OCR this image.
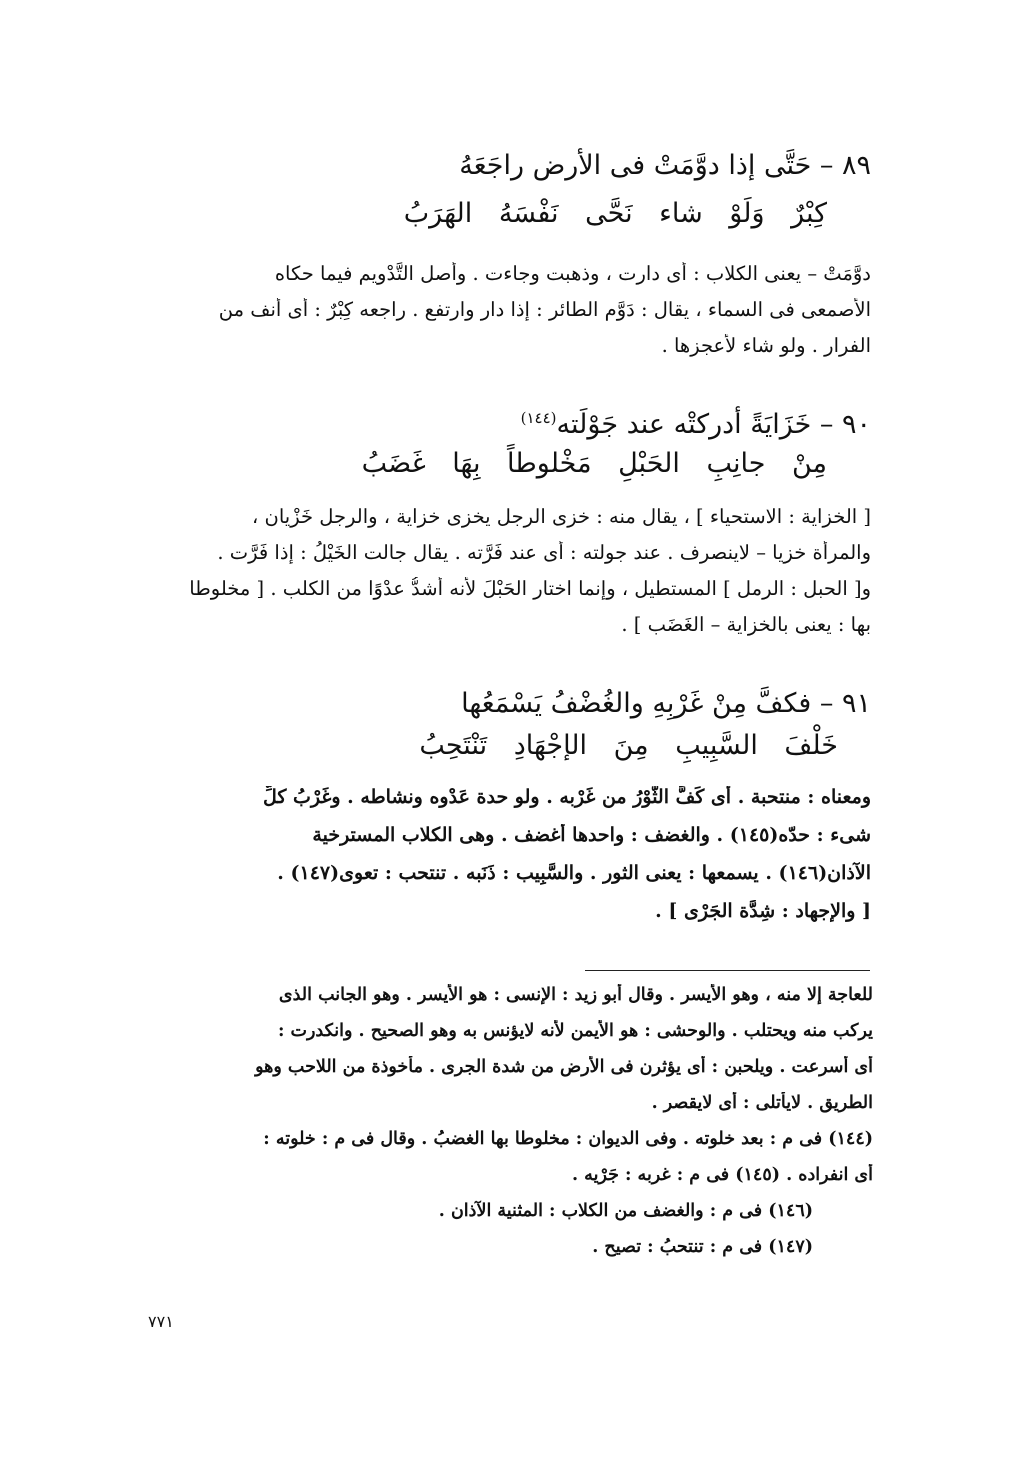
٨٩ – حَتَّى إذا دوَّمَتْ فى الأرض راجَعَهُ
كِبْرٌ وَلَوْ شاء نَحَّى نَفْسَهُ الهَرَبُ
دوَّمَتْ – يعنى الكلاب : أى دارت ، وذهبت وجاءت . وأصل التَّدْويم فيما حكاه
الأصمعى فى السماء ، يقال : دَوَّم الطائر : إذا دار وارتفع . راجعه كِبْرٌ : أى أنف من
الفرار . ولو شاء لأعجزها .
٩٠ – خَزَايَةً أدركتْه عند جَوْلَته$^{(١٤٤)}$
مِنْ جانِبِ الحَبْلِ مَخْلوطاً بِهَا غَضَبُ
[ الخزاية : الاستحياء ] ، يقال منه : خزى الرجل يخزى خزاية ، والرجل خَزْيان ،
والمرأة خزيا – لاينصرف . عند جولته : أى عند فَرَّته . يقال جالت الخَيْلُ : إذا فَرَّت .
و[ الحبل : الرمل ] المستطيل ، وإنما اختار الحَبْلَ لأنه أشدُّ عدْوًا من الكلب . [ مخلوطا
بها : يعنى بالخزاية – الغَضَب ] .
٩١ – فكفَّ مِنْ غَرْبِهِ والغُضْفُ يَسْمَعُها
خَلْفَ السَّبِيبِ مِنَ الإجْهَادِ تَنْتَحِبُ
ومعناه : منتحبة . أى كَفَّ الثَّوْرُ من غَرْبه . ولو حدة عَدْوه ونشاطه . وغَرْبُ كلِّ
شىء : حدّه(١٤٥) . والغضف : واحدها أغضف . وهى الكلاب المسترخية
الآذان(١٤٦) . يسمعها : يعنى الثور . والسَّبِيب : ذَنَبه . تنتحب : تعوى(١٤٧) .
[ والإجهاد : شِدَّة الجَرْى ] .
للعاجة إلا منه ، وهو الأيسر . وقال أبو زيد : الإنسى : هو الأيسر . وهو الجانب الذى
يركب منه ويحتلب . والوحشى : هو الأيمن لأنه لايؤنس به وهو الصحيح . وانكدرت :
أى أسرعت . ويلحبن : أى يؤثرن فى الأرض من شدة الجرى . مأخوذة من اللاحب وهو
الطريق . لايأتلى : أى لايقصر .
(١٤٤) فى م : بعد خلوته . وفى الديوان : مخلوطا بها الغضبُ . وقال فى م : خلوته :
أى انفراده . (١٤٥) فى م : غربه : جَرْيه .
(١٤٦) فى م : والغضف من الكلاب : المثنية الآذان .
(١٤٧) فى م : تنتحبُ : تصيح .
٧٧١
